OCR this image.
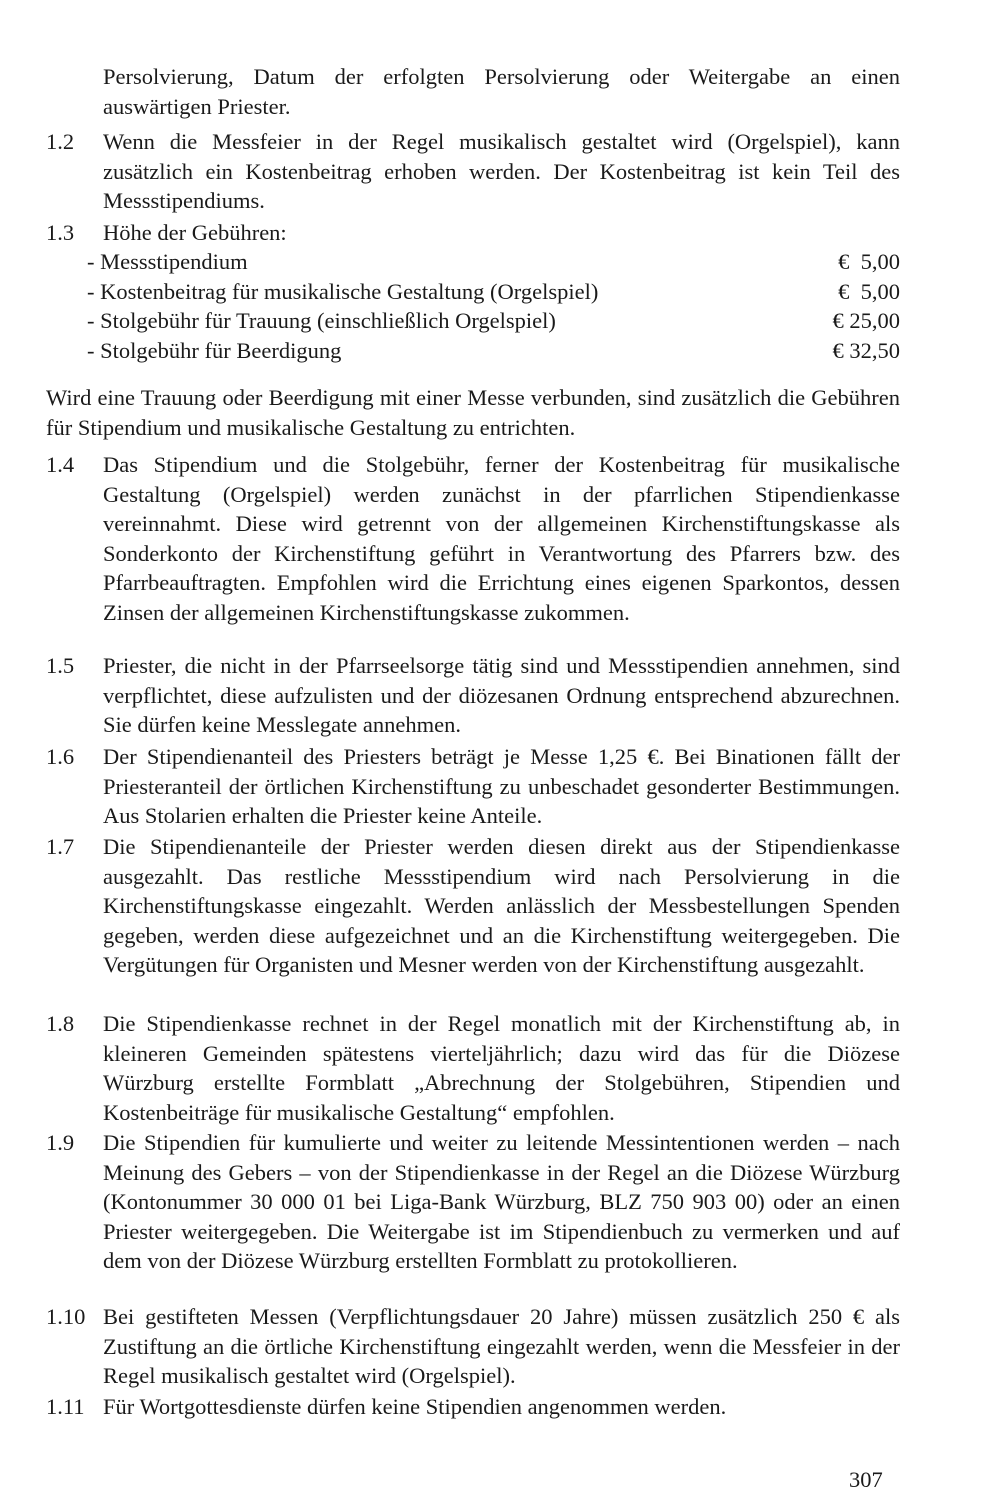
Persolvierung, Datum der erfolgten Persolvierung oder Weitergabe an einen auswärtigen Priester.

1.2	Wenn die Messfeier in der Regel musikalisch gestaltet wird (Orgelspiel), kann zusätzlich ein Kostenbeitrag erhoben werden. Der Kostenbeitrag ist kein Teil des Messstipendiums.

1.3	Höhe der Gebühren:

- Messstipendium	€  5,00
- Kostenbeitrag für musikalische Gestaltung (Orgelspiel)	€  5,00
- Stolgebühr für Trauung (einschließlich Orgelspiel)	€ 25,00
- Stolgebühr für Beerdigung	€ 32,50

Wird eine Trauung oder Beerdigung mit einer Messe verbunden, sind zusätzlich die Gebühren für Stipendium und musikalische Gestaltung zu entrichten.

1.4	Das Stipendium und die Stolgebühr, ferner der Kostenbeitrag für musikalische Gestaltung (Orgelspiel) werden zunächst in der pfarrlichen Stipendienkasse vereinnahmt. Diese wird getrennt von der allgemeinen Kirchenstiftungskasse als Sonderkonto der Kirchenstiftung geführt in Verantwortung des Pfarrers bzw. des Pfarrbeauftragten. Empfohlen wird die Errichtung eines eigenen Sparkontos, dessen Zinsen der allgemeinen Kirchenstiftungskasse zukommen.

1.5	Priester, die nicht in der Pfarrseelsorge tätig sind und Messstipendien annehmen, sind verpflichtet, diese aufzulisten und der diözesanen Ordnung entsprechend abzurechnen. Sie dürfen keine Messlegate annehmen.

1.6	Der Stipendienanteil des Priesters beträgt je Messe 1,25 €. Bei Binationen fällt der Priesteranteil der örtlichen Kirchenstiftung zu unbeschadet gesonderter Bestimmungen. Aus Stolarien erhalten die Priester keine Anteile.

1.7	Die Stipendienanteile der Priester werden diesen direkt aus der Stipendienkasse ausgezahlt. Das restliche Messstipendium wird nach Persolvierung in die Kirchenstiftungskasse eingezahlt. Werden anlässlich der Messbestellungen Spenden gegeben, werden diese aufgezeichnet und an die Kirchenstiftung weitergegeben. Die Vergütungen für Organisten und Mesner werden von der Kirchenstiftung ausgezahlt.

1.8	Die Stipendienkasse rechnet in der Regel monatlich mit der Kirchenstiftung ab, in kleineren Gemeinden spätestens vierteljährlich; dazu wird das für die Diözese Würzburg erstellte Formblatt „Abrechnung der Stolgebühren, Stipendien und Kostenbeiträge für musikalische Gestaltung“ empfohlen.

1.9	Die Stipendien für kumulierte und weiter zu leitende Messintentionen werden – nach Meinung des Gebers – von der Stipendienkasse in der Regel an die Diözese Würzburg (Kontonummer 30 000 01 bei Liga-Bank Würzburg, BLZ 750 903 00) oder an einen Priester weitergegeben. Die Weitergabe ist im Stipendienbuch zu vermerken und auf dem von der Diözese Würzburg erstellten Formblatt zu protokollieren.

1.10 Bei gestifteten Messen (Verpflichtungsdauer 20 Jahre) müssen zusätzlich 250 € als Zustiftung an die örtliche Kirchenstiftung eingezahlt werden, wenn die Messfeier in der Regel musikalisch gestaltet wird (Orgelspiel).

1.11 Für Wortgottesdienste dürfen keine Stipendien angenommen werden.

307
